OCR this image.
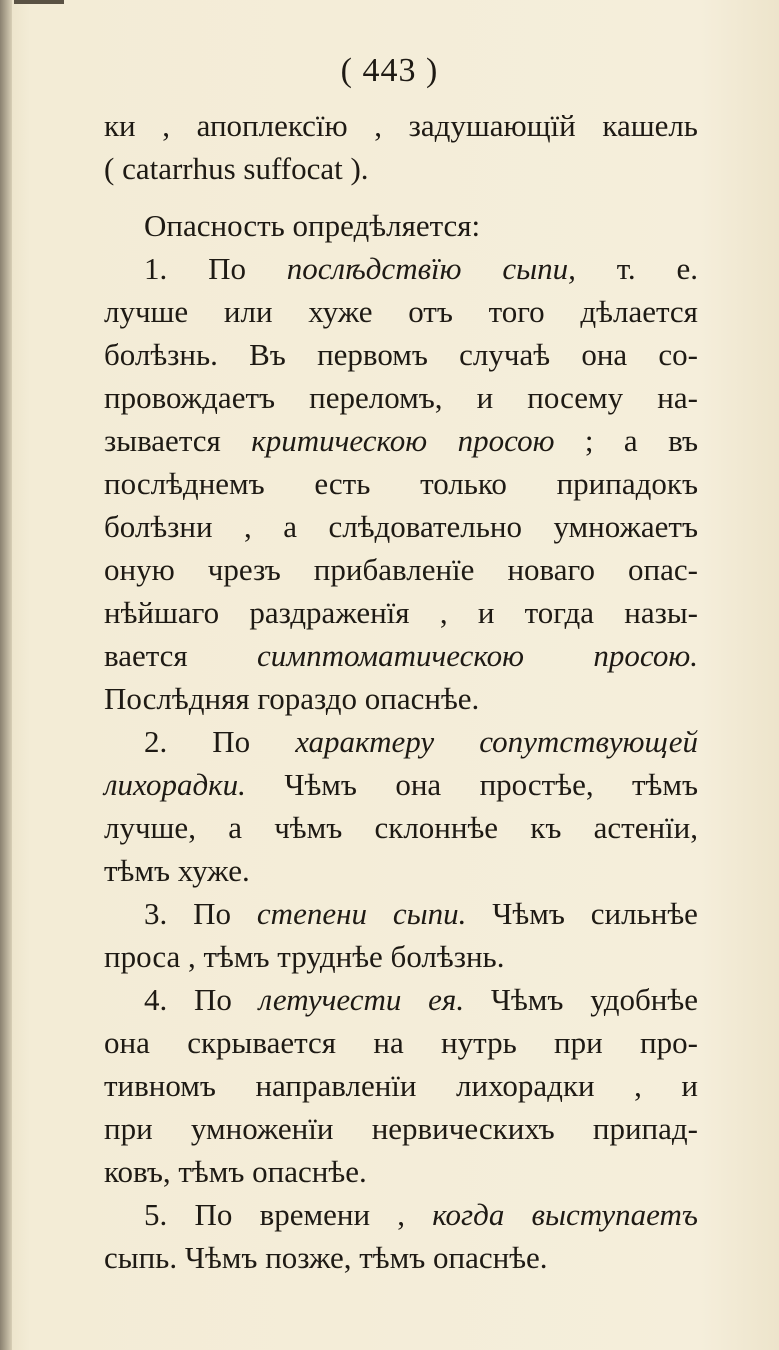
( 443 )
ки , апоплексїю , задушающїй кашель
( catarrhus suffocat ).
Опасность опредѣляется:
1. По послѣдствїю сыпи, т. е.
лучше или хуже отъ того дѣлается
болѣзнь. Въ первомъ случаѣ она со-
провождаетъ переломъ, и посему на-
зывается критическою просою ; а въ
послѣднемъ есть только припадокъ
болѣзни , а слѣдовательно умножаетъ
оную чрезъ прибавленїе новаго опас-
нѣйшаго раздраженїя , и тогда назы-
вается симптоматическою просою.
Послѣдняя гораздо опаснѣе.
2. По характеру сопутствующей
лихорадки. Чѣмъ она простѣе, тѣмъ
лучше, а чѣмъ склоннѣе къ астенїи,
тѣмъ хуже.
3. По степени сыпи. Чѣмъ сильнѣе
проса , тѣмъ труднѣе болѣзнь.
4. По летучести ея. Чѣмъ удобнѣе
она скрывается на нутрь при про-
тивномъ направленїи лихорадки , и
при умноженїи нервическихъ припад-
ковъ, тѣмъ опаснѣе.
5. По времени , когда выступаетъ
сыпь. Чѣмъ позже, тѣмъ опаснѣе.
